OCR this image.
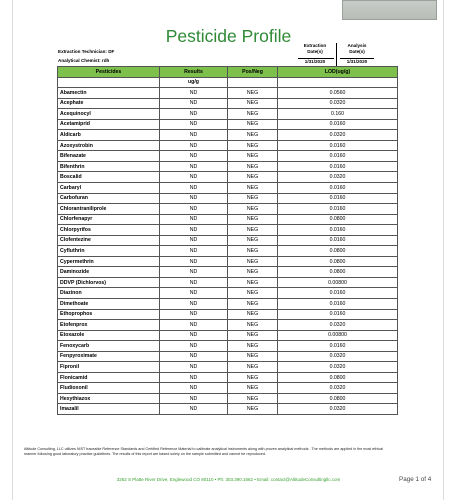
Pesticide Profile
Extraction Technician: DF
Analytical Chemist: rdh
Extraction
Date(s)
1/31/2020
Analysis
Date(s)
1/31/2020
Pesticides	Results	Pos/Neg	LOD(ug/g)
	ug/g		
Abamectin	ND	NEG	0.0560
Acephate	ND	NEG	0.0320
Acequinocyl	ND	NEG	0.160
Acetamiprid	ND	NEG	0.0160
Aldicarb	ND	NEG	0.0320
Azoxystrobin	ND	NEG	0.0160
Bifenazate	ND	NEG	0.0160
Bifenthrin	ND	NEG	0.0160
Boscalid	ND	NEG	0.0320
Carbaryl	ND	NEG	0.0160
Carbofuran	ND	NEG	0.0160
Chlorantraniliprole	ND	NEG	0.0160
Chlorfenapyr	ND	NEG	0.0800
Chlorpyrifos	ND	NEG	0.0160
Clofentezine	ND	NEG	0.0160
Cyfluthrin	ND	NEG	0.0800
Cypermethrin	ND	NEG	0.0800
Daminozide	ND	NEG	0.0800
DDVP (Dichlorvos)	ND	NEG	0.00800
Diazinon	ND	NEG	0.0160
Dimethoate	ND	NEG	0.0160
Ethoprophos	ND	NEG	0.0160
Etofenprox	ND	NEG	0.0320
Etoxazole	ND	NEG	0.00800
Fenoxycarb	ND	NEG	0.0160
Fenpyroximate	ND	NEG	0.0320
Fipronil	ND	NEG	0.0320
Flonicamid	ND	NEG	0.0800
Fludioxonil	ND	NEG	0.0320
Hexythiazox	ND	NEG	0.0800
Imazalil	ND	NEG	0.0320
Altitude Consulting, LLC utilizes NIST traceable Reference Standards and Certified Reference Material to calibrate analytical instruments along with proven analytical methods . The methods are applied in the most ethical manner following good laboratory practice guidelines. The results of this report are based solely on the sample submitted and cannot be reproduced.
3262 S Platte River Drive, Englewood CO 80110 • Ph: 303.390.1662 • Email: contact@AltitudeConsultingllc.com	Page 1 of 4
